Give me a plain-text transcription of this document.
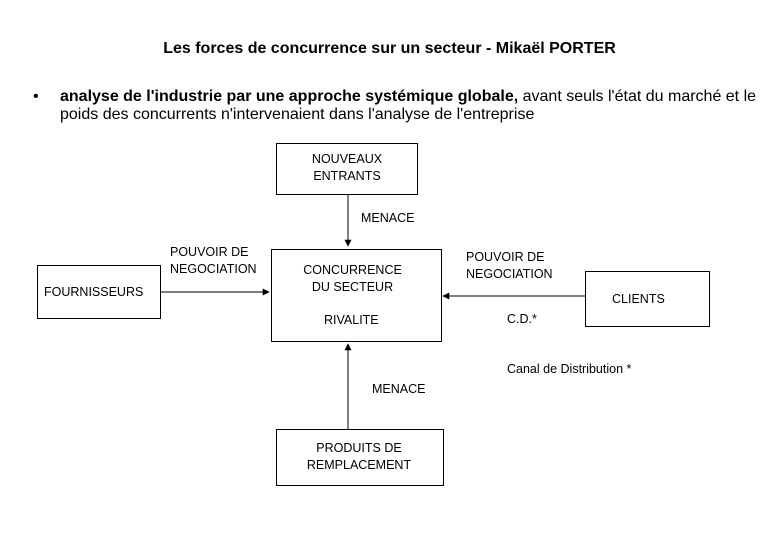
Les forces de concurrence sur un secteur - Mikaël PORTER
• analyse de l'industrie par une approche systémique globale, avant seuls l'état du marché et le poids des concurrents n'intervenaient dans l'analyse de l'entreprise
NOUVEAUX
ENTRANTS
CONCURRENCE
DU SECTEUR
RIVALITE
FOURNISSEURS	CLIENTS
PRODUITS DE
REMPLACEMENT
MENACE
MENACE
POUVOIR DE
NEGOCIATION
POUVOIR DE
NEGOCIATION
C.D.*
Canal de Distribution *
